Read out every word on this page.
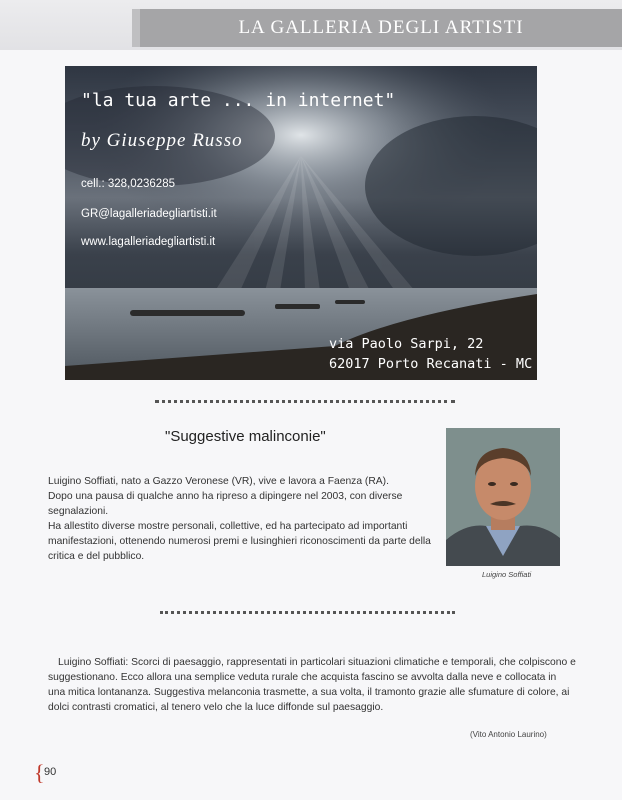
LA GALLERIA DEGLI ARTISTI
"la tua arte ... in internet"
by Giuseppe Russo
cell.: 328,0236285
GR@lagalleriadegliartisti.it
www.lagalleriadegliartisti.it
via Paolo Sarpi, 22
62017 Porto Recanati - MC
"Suggestive malinconie"

Luigino Soffiati, nato a Gazzo Veronese (VR), vive e lavora a Faenza (RA).

Dopo una pausa di qualche anno ha ripreso a dipingere nel 2003, con diverse segnalazioni.

Ha allestito diverse mostre personali, collettive, ed ha partecipato ad importanti manifestazioni, ottenendo numerosi premi e lusinghieri riconoscimenti da parte della critica e del pubblico.

Luigino Soffiati
Luigino Soffiati: Scorci di paesaggio, rappresentati in particolari situazioni climatiche e temporali, che colpiscono e suggestionano. Ecco allora una semplice veduta rurale che acquista fascino se avvolta dalla neve e collocata in una mitica lontananza. Suggestiva melanconia trasmette, a sua volta, il tramonto grazie alle sfumature di colore, ai dolci contrasti cromatici, al tenero velo che la luce diffonde sul paesaggio.
(Vito Antonio Laurino)
{ 90
